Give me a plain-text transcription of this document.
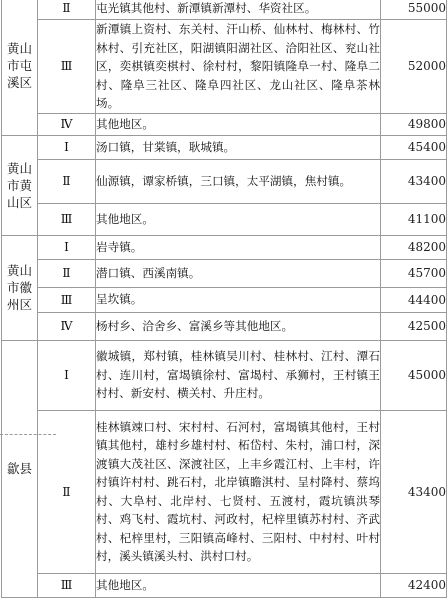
黄山市屯溪区	Ⅱ	屯光镇其他村、新潭镇新潭村、华资社区。	55000
	Ⅲ	新潭镇上资村、东关村、汗山桥、仙林村、梅林村、竹林村、引充社区，阳湖镇阳湖社区、洽阳社区、兖山社区，奕棋镇奕棋村、徐村村，黎阳镇隆阜一村、隆阜二村、隆阜三社区、隆阜四社区、龙山社区、隆阜茶林场。	52000
	Ⅳ	其他地区。	49800
黄山市黄山区	Ⅰ	汤口镇，甘棠镇，耿城镇。	45400
	Ⅱ	仙源镇，谭家桥镇，三口镇，太平湖镇，焦村镇。	43400
	Ⅲ	其他地区。	41100
黄山市徽州区	Ⅰ	岩寺镇。	48200
	Ⅱ	潜口镇、西溪南镇。	45700
	Ⅲ	呈坎镇。	44400
	Ⅳ	杨村乡、洽舍乡、富溪乡等其他地区。	42500
歙县	Ⅰ	徽城镇，郑村镇，桂林镇吴川村、桂林村、江村、潭石村、连川村，富堨镇徐村、富堨村、承狮村，王村镇王村村、新安村、横关村、升庄村。	45000
	Ⅱ	桂林镇竦口村、宋村村、石河村，富堨镇其他村，王村镇其他村，雄村乡雄村村、柘岱村、朱村，浦口村，深渡镇大茂社区、深渡社区，上丰乡霞江村、上丰村，许村镇许村村、跳石村，北岸镇瞻淇村、呈村降村、蔡坞村、大阜村、北岸村、七贤村、五渡村，霞坑镇洪琴村、鸡飞村、霞坑村、河政村，杞梓里镇苏村村、齐武村、杞梓里村，三阳镇高峰村、三阳村、中村村、叶村村，溪头镇溪头村、洪村口村。	43400
	Ⅲ	其他地区。	42400
